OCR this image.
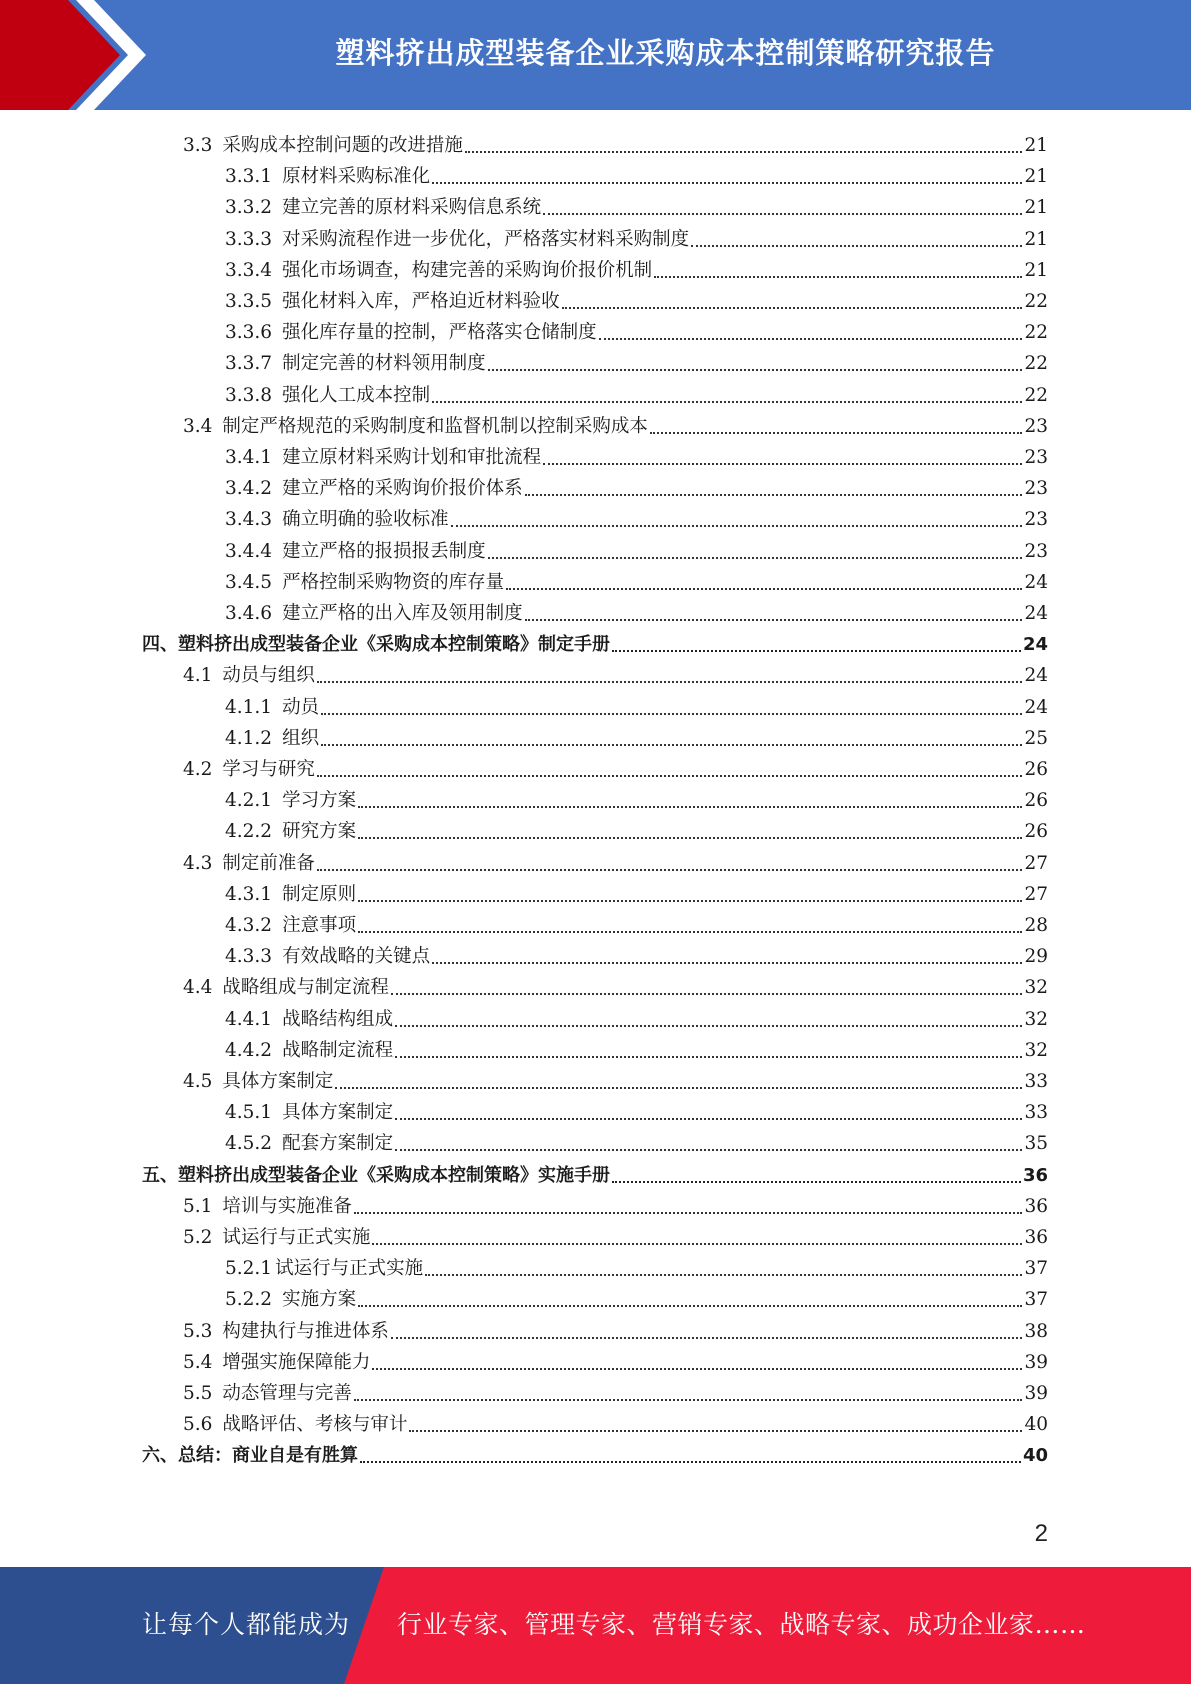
塑料挤出成型装备企业采购成本控制策略研究报告
3.3 采购成本控制问题的改进措施	21
3.3.1 原材料采购标准化	21
3.3.2 建立完善的原材料采购信息系统	21
3.3.3 对采购流程作进一步优化，严格落实材料采购制度	21
3.3.4 强化市场调查，构建完善的采购询价报价机制	21
3.3.5 强化材料入库，严格迫近材料验收	22
3.3.6 强化库存量的控制，严格落实仓储制度	22
3.3.7 制定完善的材料领用制度	22
3.3.8 强化人工成本控制	22
3.4 制定严格规范的采购制度和监督机制以控制采购成本	23
3.4.1 建立原材料采购计划和审批流程	23
3.4.2 建立严格的采购询价报价体系	23
3.4.3 确立明确的验收标准	23
3.4.4 建立严格的报损报丢制度	23
3.4.5 严格控制采购物资的库存量	24
3.4.6 建立严格的出入库及领用制度	24
四、塑料挤出成型装备企业《采购成本控制策略》制定手册	24
4.1 动员与组织	24
4.1.1 动员	24
4.1.2 组织	25
4.2 学习与研究	26
4.2.1 学习方案	26
4.2.2 研究方案	26
4.3 制定前准备	27
4.3.1 制定原则	27
4.3.2 注意事项	28
4.3.3 有效战略的关键点	29
4.4 战略组成与制定流程	32
4.4.1 战略结构组成	32
4.4.2 战略制定流程	32
4.5 具体方案制定	33
4.5.1 具体方案制定	33
4.5.2 配套方案制定	35
五、塑料挤出成型装备企业《采购成本控制策略》实施手册	36
5.1 培训与实施准备	36
5.2 试运行与正式实施	36
5.2.1 试运行与正式实施	37
5.2.2 实施方案	37
5.3 构建执行与推进体系	38
5.4 增强实施保障能力	39
5.5 动态管理与完善	39
5.6 战略评估、考核与审计	40
六、总结：商业自是有胜算	40
2
让每个人都能成为 行业专家、管理专家、营销专家、战略专家、成功企业家……
